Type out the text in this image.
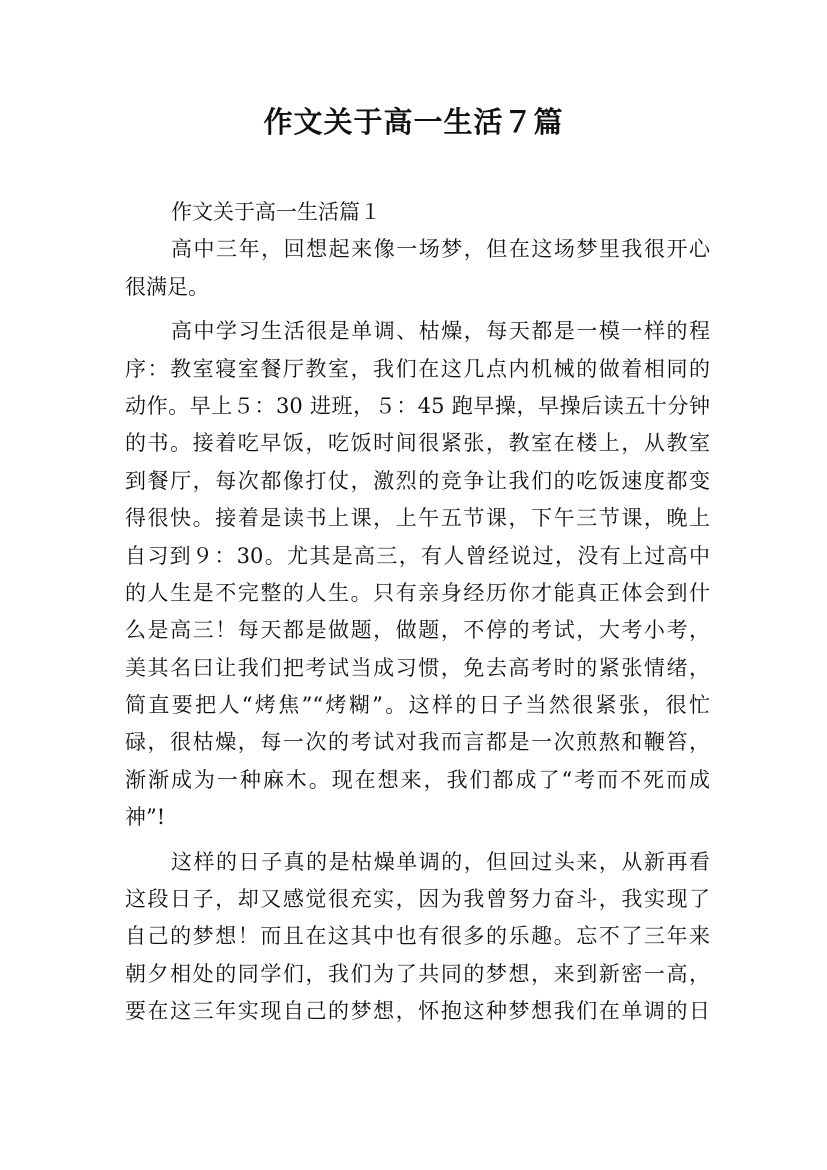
作文关于高一生活７篇
作文关于高一生活篇１
高中三年，回想起来像一场梦，但在这场梦里我很开心
很满足。
高中学习生活很是单调、枯燥，每天都是一模一样的程
序：教室寝室餐厅教室，我们在这几点内机械的做着相同的
动作。早上５：30 进班，５：45 跑早操，早操后读五十分钟
的书。接着吃早饭，吃饭时间很紧张，教室在楼上，从教室
到餐厅，每次都像打仗，激烈的竞争让我们的吃饭速度都变
得很快。接着是读书上课，上午五节课，下午三节课，晚上
自习到９：30。尤其是高三，有人曾经说过，没有上过高中
的人生是不完整的人生。只有亲身经历你才能真正体会到什
么是高三！每天都是做题，做题，不停的考试，大考小考，
美其名曰让我们把考试当成习惯，免去高考时的紧张情绪，
简直要把人“烤焦”“烤糊”。这样的日子当然很紧张，很忙
碌，很枯燥，每一次的考试对我而言都是一次煎熬和鞭笞，
渐渐成为一种麻木。现在想来，我们都成了“考而不死而成
神”!
这样的日子真的是枯燥单调的，但回过头来，从新再看
这段日子，却又感觉很充实，因为我曾努力奋斗，我实现了
自己的梦想！而且在这其中也有很多的乐趣。忘不了三年来
朝夕相处的同学们，我们为了共同的梦想，来到新密一高，
要在这三年实现自己的梦想，怀抱这种梦想我们在单调的日
